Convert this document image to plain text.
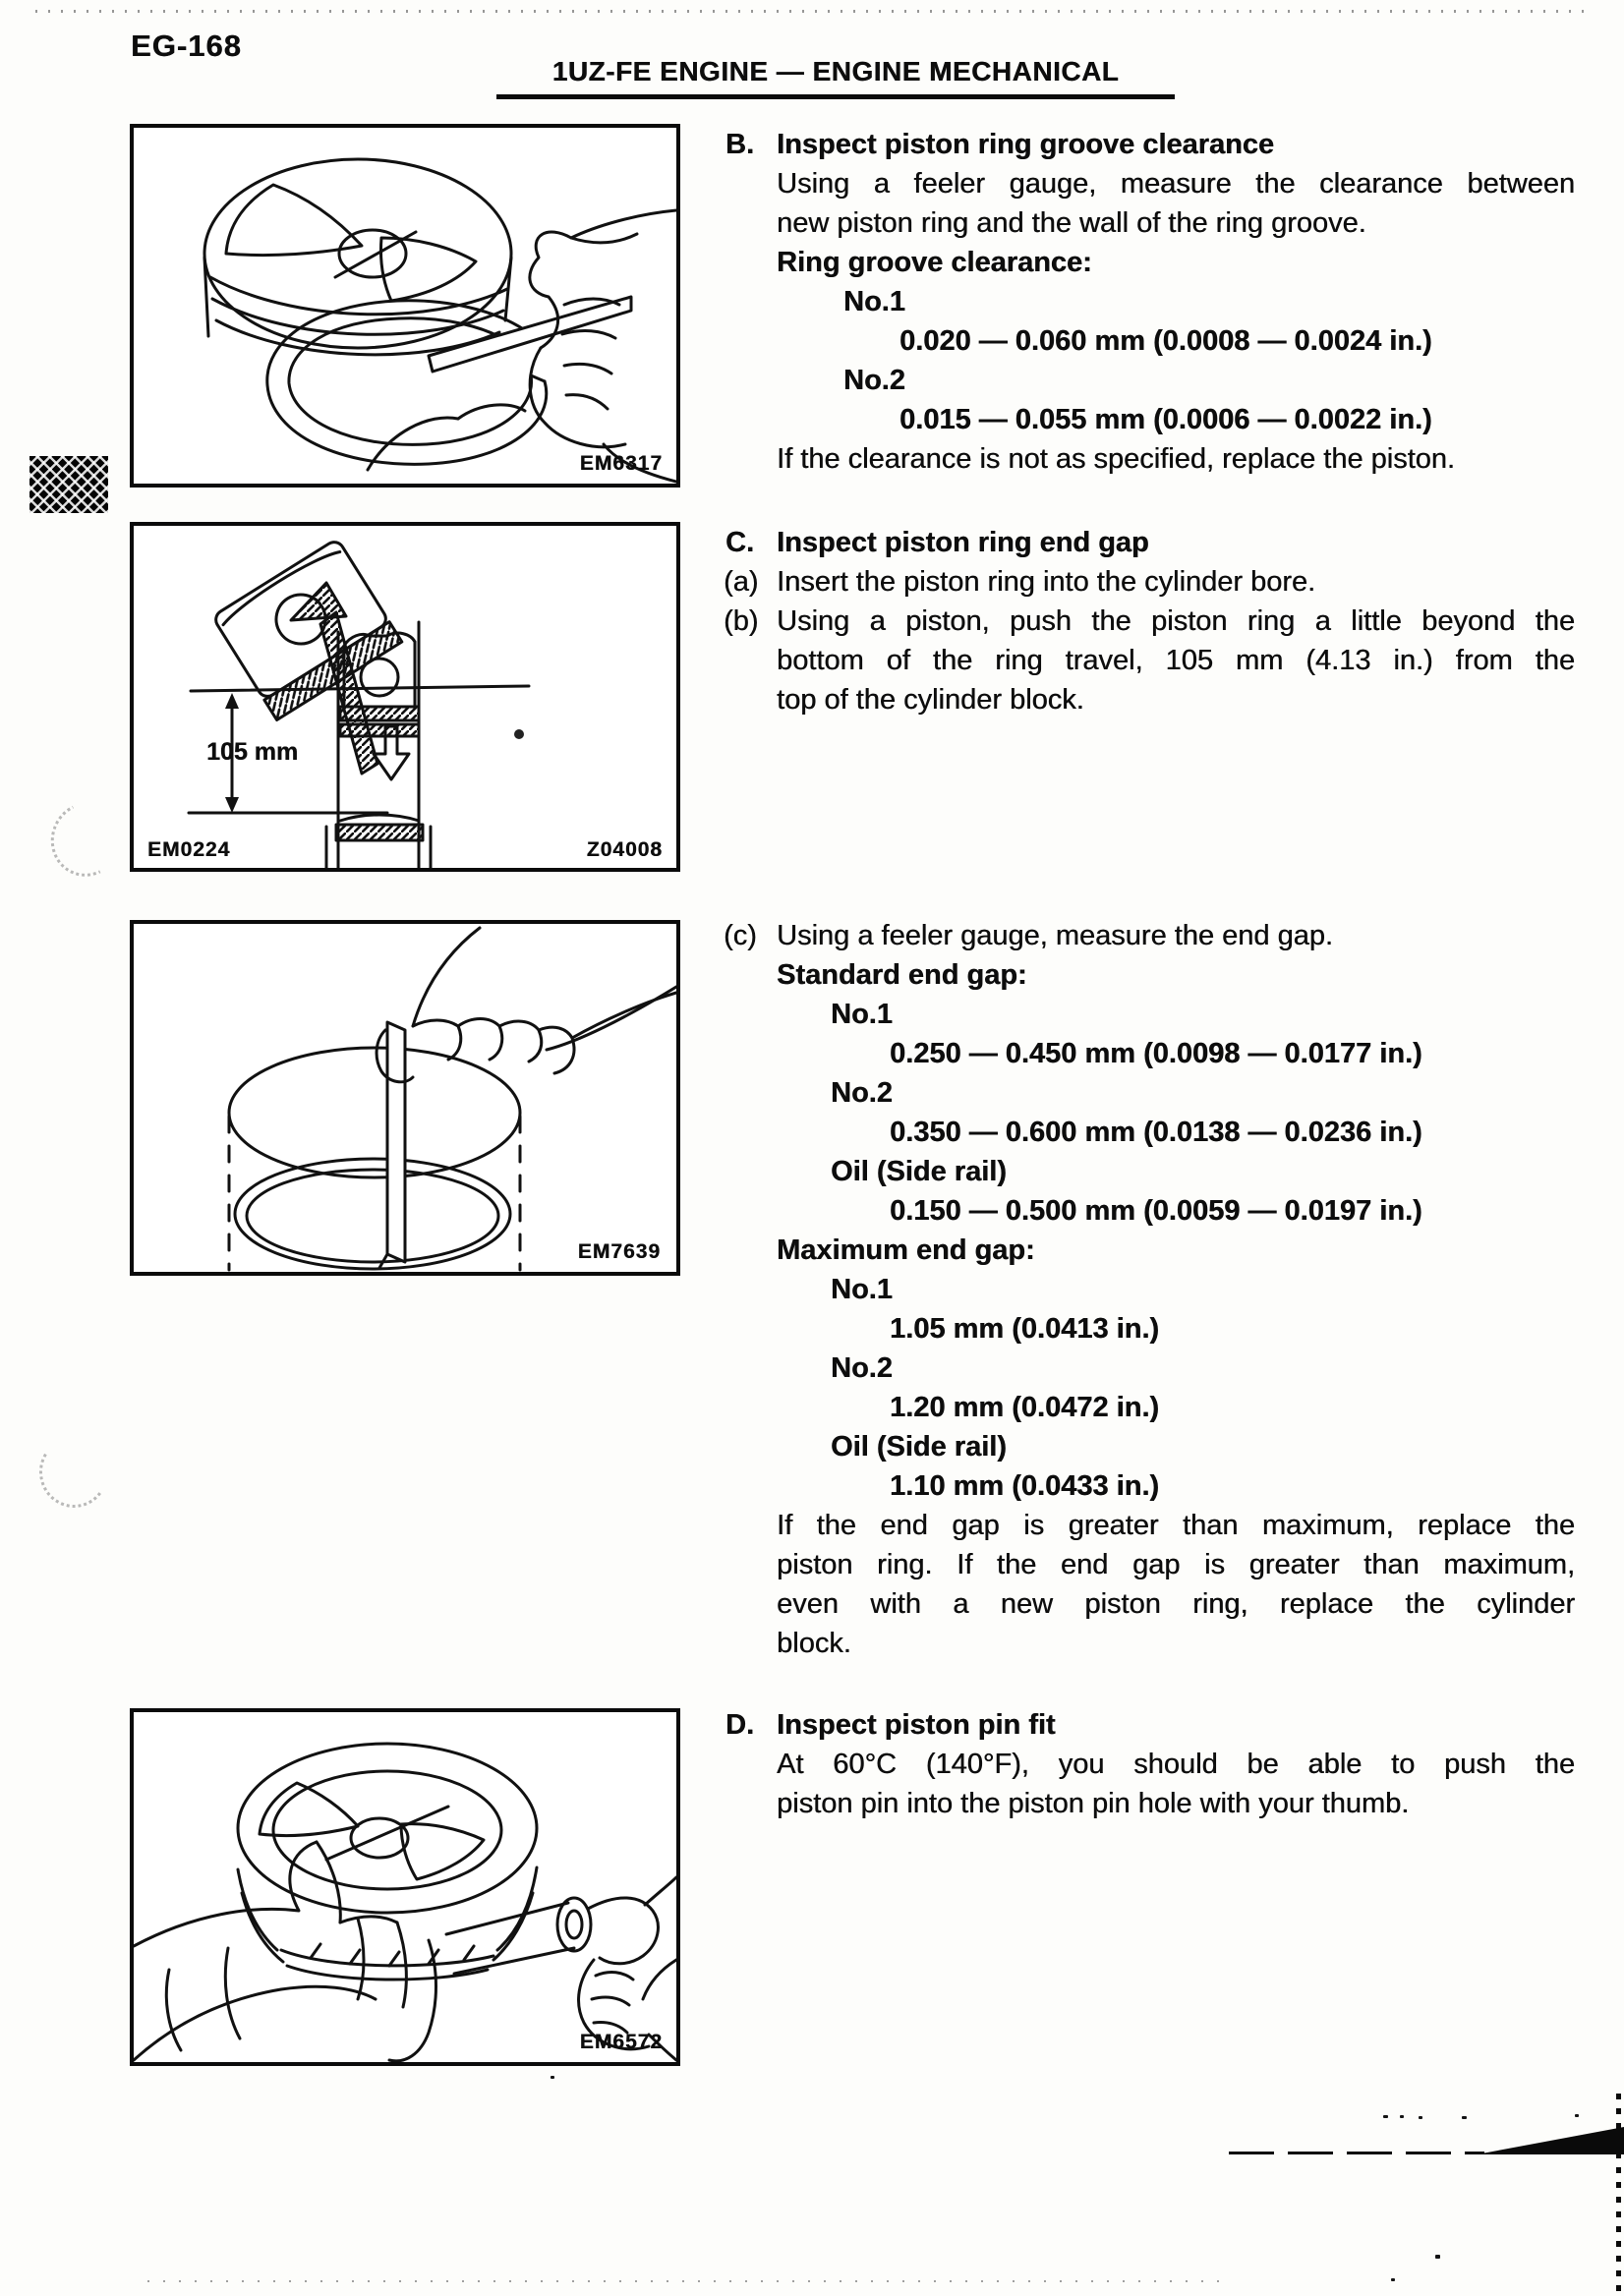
EG-168
1UZ-FE ENGINE — ENGINE MECHANICAL
EM6317
B. Inspect piston ring groove clearance
Using a feeler gauge, measure the clearance between
new piston ring and the wall of the ring groove.
Ring groove clearance:
No.1
0.020 — 0.060 mm (0.0008 — 0.0024 in.)
No.2
0.015 — 0.055 mm (0.0006 — 0.0022 in.)
If the clearance is not as specified, replace the piston.
105 mm
EM0224	Z04008
C. Inspect piston ring end gap
(a) Insert the piston ring into the cylinder bore.
(b) Using a piston, push the piston ring a little beyond the
bottom of the ring travel, 105 mm (4.13 in.) from the
top of the cylinder block.
EM7639
(c) Using a feeler gauge, measure the end gap.
Standard end gap:
No.1
0.250 — 0.450 mm (0.0098 — 0.0177 in.)
No.2
0.350 — 0.600 mm (0.0138 — 0.0236 in.)
Oil (Side rail)
0.150 — 0.500 mm (0.0059 — 0.0197 in.)
Maximum end gap:
No.1
1.05 mm (0.0413 in.)
No.2
1.20 mm (0.0472 in.)
Oil (Side rail)
1.10 mm (0.0433 in.)
If the end gap is greater than maximum, replace the
piston ring. If the end gap is greater than maximum,
even with a new piston ring, replace the cylinder
block.
EM6572
D. Inspect piston pin fit
At 60°C (140°F), you should be able to push the
piston pin into the piston pin hole with your thumb.
